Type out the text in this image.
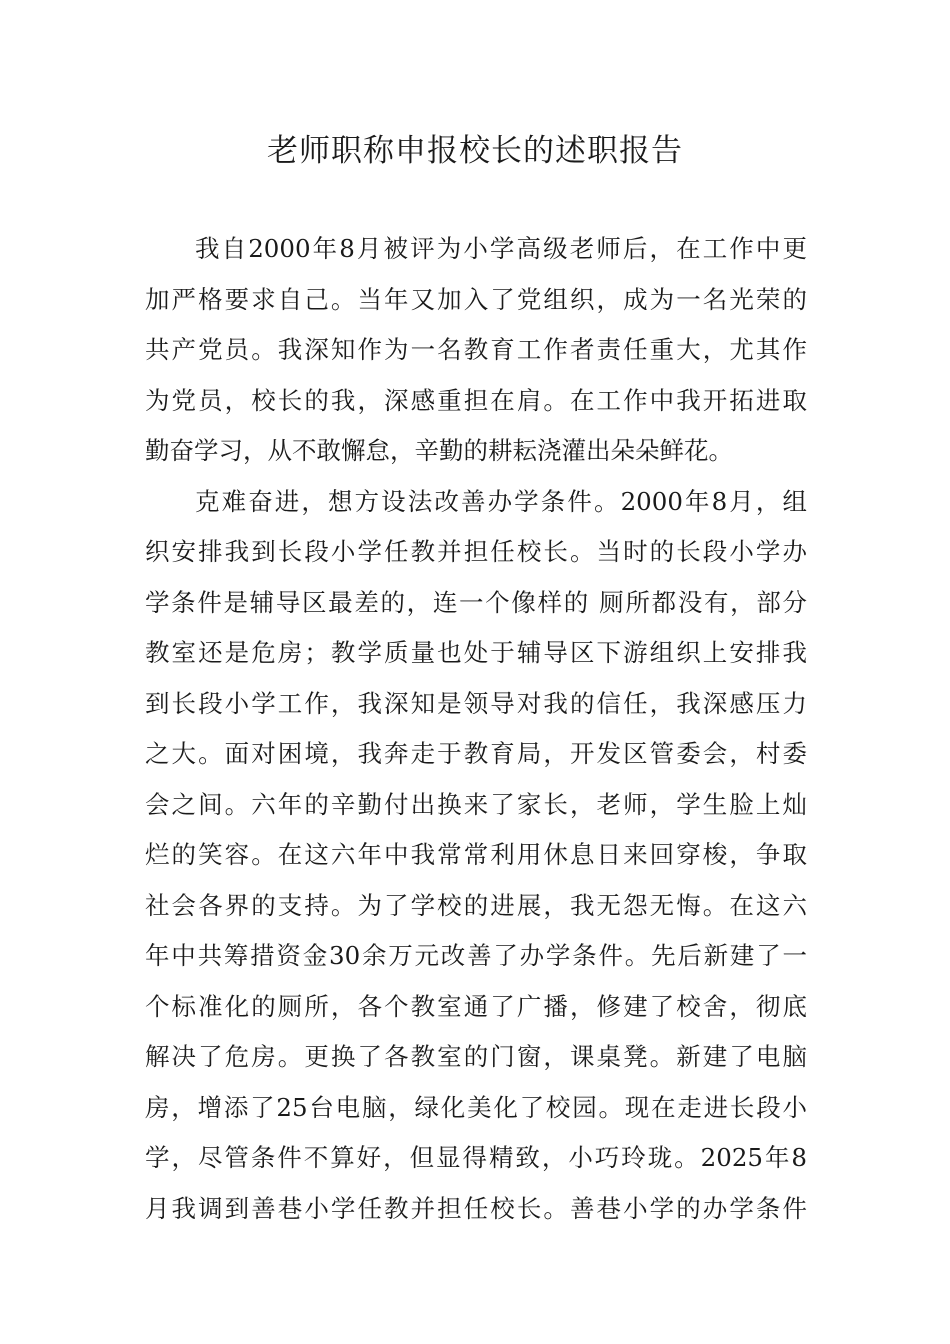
老师职称申报校长的述职报告
我自2000年8月被评为小学高级老师后，在工作中更
加严格要求自己。当年又加入了党组织，成为一名光荣的
共产党员。我深知作为一名教育工作者责任重大，尤其作
为党员，校长的我，深感重担在肩。在工作中我开拓进取
勤奋学习，从不敢懈怠，辛勤的耕耘浇灌出朵朵鲜花。
克难奋进，想方设法改善办学条件。2000年8月，组
织安排我到长段小学任教并担任校长。当时的长段小学办
学条件是辅导区最差的，连一个像样的 厕所都没有，部分
教室还是危房；教学质量也处于辅导区下游组织上安排我
到长段小学工作，我深知是领导对我的信任，我深感压力
之大。面对困境，我奔走于教育局，开发区管委会，村委
会之间。六年的辛勤付出换来了家长，老师，学生脸上灿
烂的笑容。在这六年中我常常利用休息日来回穿梭，争取
社会各界的支持。为了学校的进展，我无怨无悔。在这六
年中共筹措资金30余万元改善了办学条件。先后新建了一
个标准化的厕所，各个教室通了广播，修建了校舍，彻底
解决了危房。更换了各教室的门窗，课桌凳。新建了电脑
房，增添了25台电脑，绿化美化了校园。现在走进长段小
学，尽管条件不算好，但显得精致，小巧玲珑。2025年8
月我调到善巷小学任教并担任校长。善巷小学的办学条件
